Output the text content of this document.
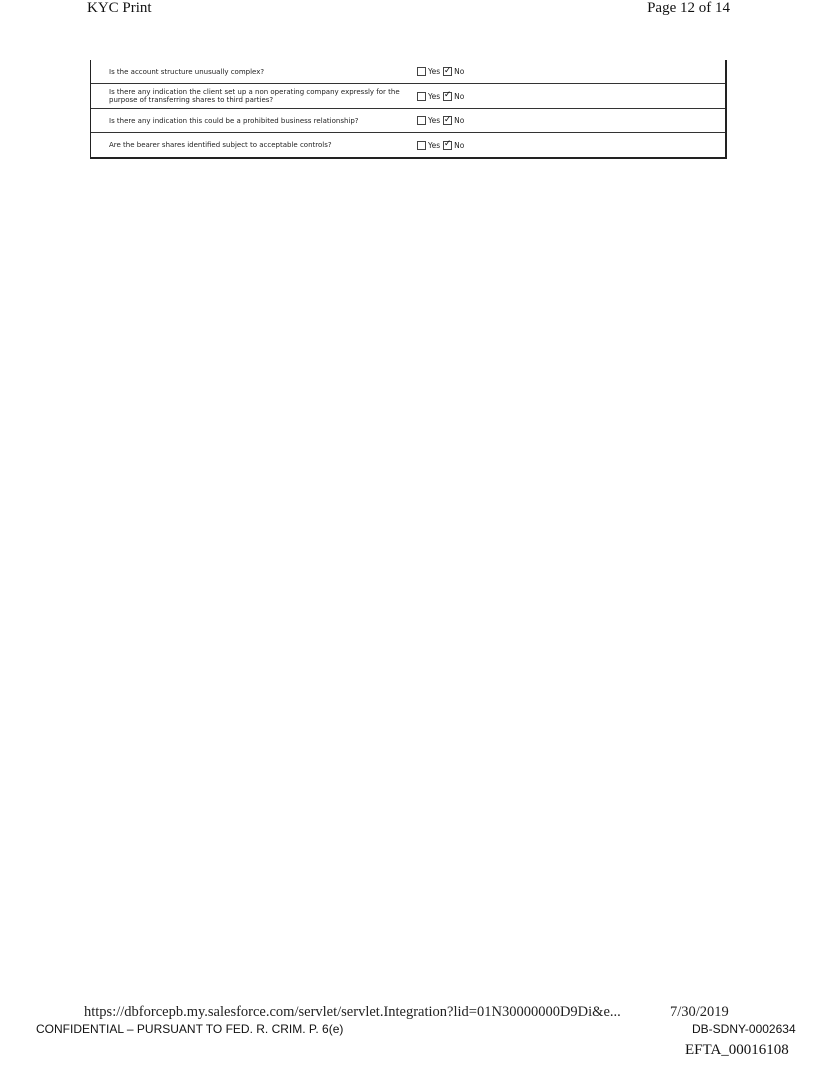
KYC Print	Page 12 of 14
Is the account structure unusually complex?	Yes ✓ No
Is there any indication the client set up a non operating company expressly for the purpose of transferring shares to third parties?	Yes ✓ No
Is there any indication this could be a prohibited business relationship?	Yes ✓ No
Are the bearer shares identified subject to acceptable controls?	Yes ✓ No
https://dbforcepb.my.salesforce.com/servlet/servlet.Integration?lid=01N30000000D9Di&e...	7/30/2019
CONFIDENTIAL – PURSUANT TO FED. R. CRIM. P. 6(e)	DB-SDNY-0002634
EFTA_00016108
